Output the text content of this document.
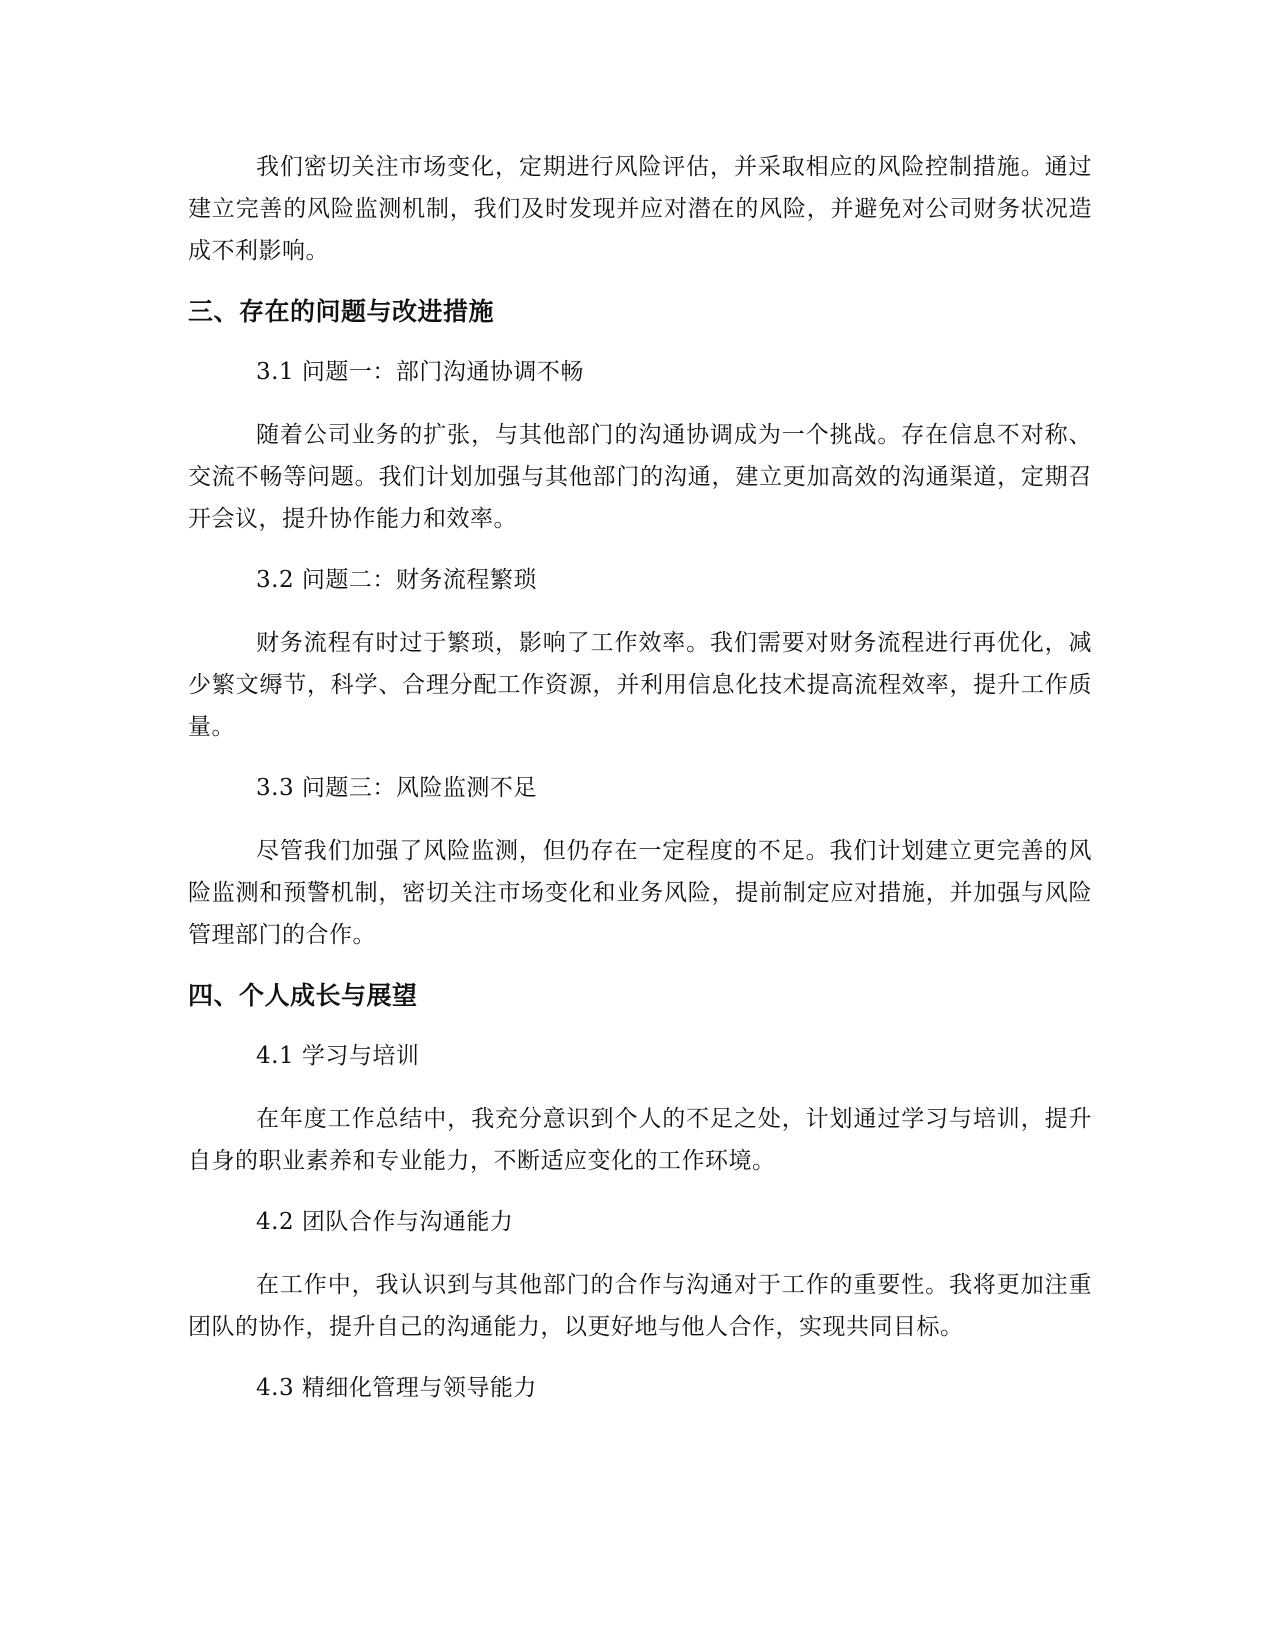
我们密切关注市场变化，定期进行风险评估，并采取相应的风险控制措施。通过建立完善的风险监测机制，我们及时发现并应对潜在的风险，并避免对公司财务状况造成不利影响。

三、存在的问题与改进措施
3.1 问题一：部门沟通协调不畅

随着公司业务的扩张，与其他部门的沟通协调成为一个挑战。存在信息不对称、交流不畅等问题。我们计划加强与其他部门的沟通，建立更加高效的沟通渠道，定期召开会议，提升协作能力和效率。

3.2 问题二：财务流程繁琐

财务流程有时过于繁琐，影响了工作效率。我们需要对财务流程进行再优化，减少繁文缛节，科学、合理分配工作资源，并利用信息化技术提高流程效率，提升工作质量。

3.3 问题三：风险监测不足

尽管我们加强了风险监测，但仍存在一定程度的不足。我们计划建立更完善的风险监测和预警机制，密切关注市场变化和业务风险，提前制定应对措施，并加强与风险管理部门的合作。

四、个人成长与展望
4.1 学习与培训

在年度工作总结中，我充分意识到个人的不足之处，计划通过学习与培训，提升自身的职业素养和专业能力，不断适应变化的工作环境。

4.2 团队合作与沟通能力

在工作中，我认识到与其他部门的合作与沟通对于工作的重要性。我将更加注重团队的协作，提升自己的沟通能力，以更好地与他人合作，实现共同目标。

4.3 精细化管理与领导能力
